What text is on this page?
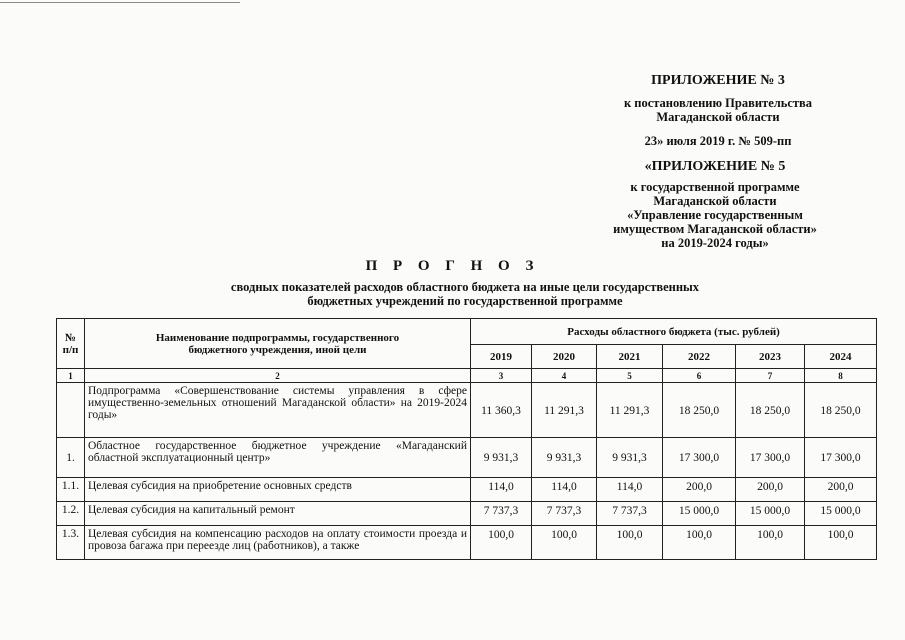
ПРИЛОЖЕНИЕ № 3
к постановлению Правительства
Магаданской области
23» июля 2019 г. № 509-пп
«ПРИЛОЖЕНИЕ № 5
к государственной программе
Магаданской области
«Управление государственным
имуществом Магаданской области»
на 2019-2024 годы»
П Р О Г Н О З
сводных показателей расходов областного бюджета на иные цели государственных
бюджетных учреждений по государственной программе
№ п/п	Наименование подпрограммы, государственного бюджетного учреждения, иной цели	Расходы областного бюджета (тыс. рублей)					
		2019	2020	2021	2022	2023	2024
1	2	3	4	5	6	7	8
	Подпрограмма «Совершенствование системы управления в сфере имущественно-земельных отношений Магаданской области» на 2019-2024 годы»	11 360,3	11 291,3	11 291,3	18 250,0	18 250,0	18 250,0
1.	Областное государственное бюджетное учреждение «Магаданский областной эксплуатационный центр»	9 931,3	9 931,3	9 931,3	17 300,0	17 300,0	17 300,0
1.1.	Целевая субсидия на приобретение основных средств	114,0	114,0	114,0	200,0	200,0	200,0
1.2.	Целевая субсидия на капитальный ремонт	7 737,3	7 737,3	7 737,3	15 000,0	15 000,0	15 000,0
1.3.	Целевая субсидия на компенсацию расходов на оплату стоимости проезда и провоза багажа при переезде лиц (работников), а также	100,0	100,0	100,0	100,0	100,0	100,0
